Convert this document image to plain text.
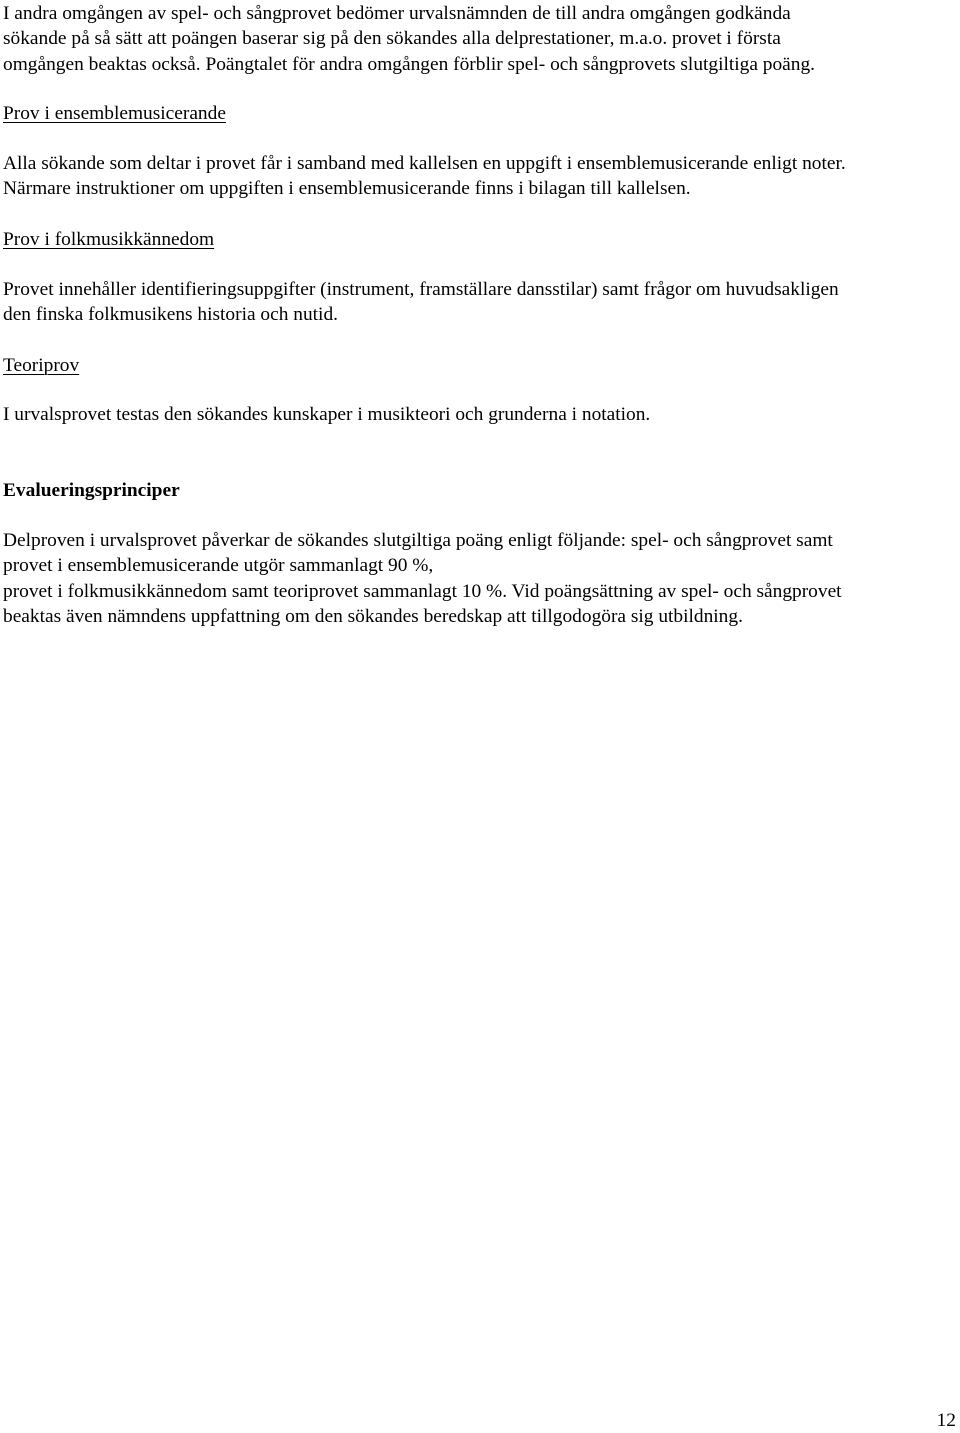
I andra omgången av spel- och sångprovet bedömer urvalsnämnden de till andra omgången godkända
sökande på så sätt att poängen baserar sig på den sökandes alla delprestationer, m.a.o. provet i första
omgången beaktas också. Poängtalet för andra omgången förblir spel- och sångprovets slutgiltiga poäng.

Prov i ensemblemusicerande

Alla sökande som deltar i provet får i samband med kallelsen en uppgift i ensemblemusicerande enligt noter.
Närmare instruktioner om uppgiften i ensemblemusicerande finns i bilagan till kallelsen.

Prov i folkmusikkännedom

Provet innehåller identifieringsuppgifter (instrument, framställare dansstilar) samt frågor om huvudsakligen
den finska folkmusikens historia och nutid.

Teoriprov

I urvalsprovet testas den sökandes kunskaper i musikteori och grunderna i notation.

Evalueringsprinciper

Delproven i urvalsprovet påverkar de sökandes slutgiltiga poäng enligt följande: spel- och sångprovet samt
provet i ensemblemusicerande utgör sammanlagt 90 %,
provet i folkmusikkännedom samt teoriprovet sammanlagt 10 %. Vid poängsättning av spel- och sångprovet
beaktas även nämndens uppfattning om den sökandes beredskap att tillgodogöra sig utbildning.

12
